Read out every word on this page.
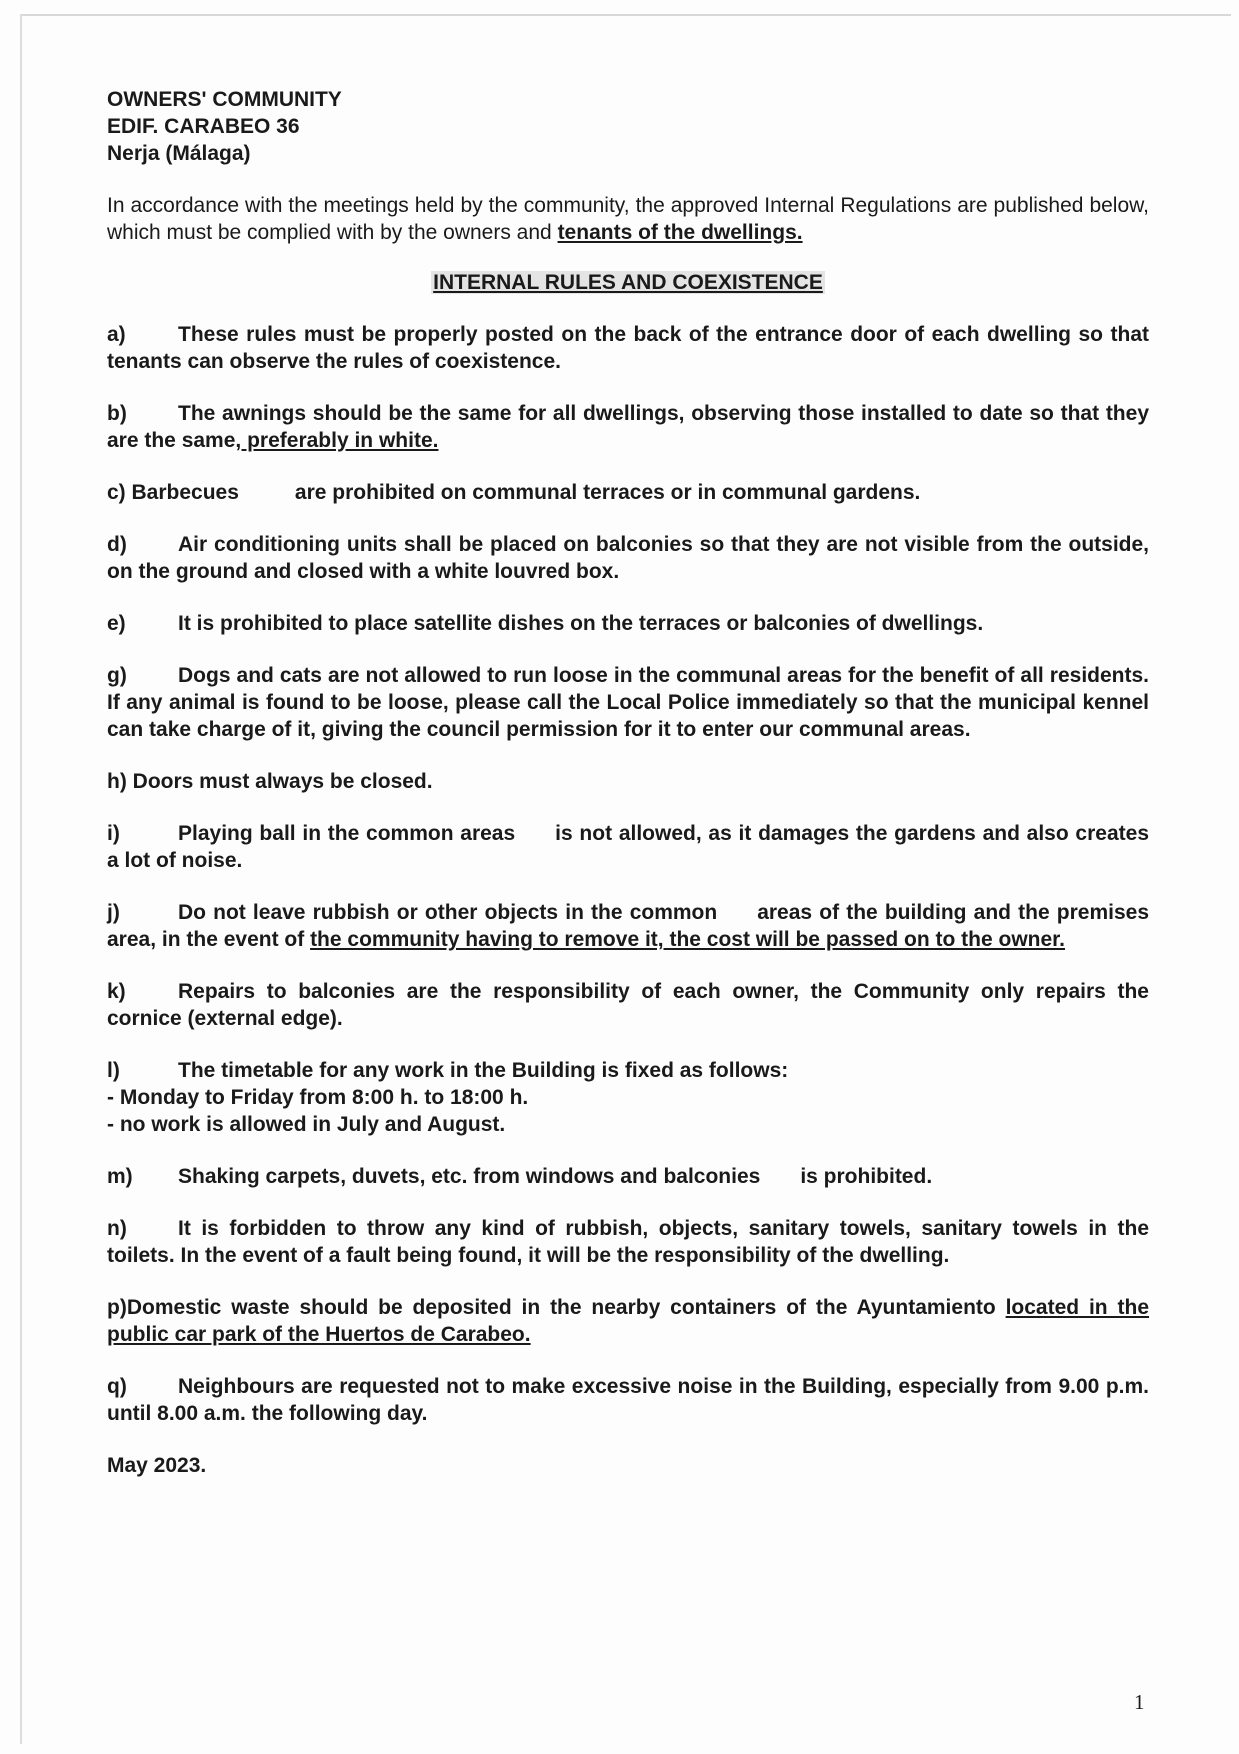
OWNERS' COMMUNITY

EDIF. CARABEO 36

Nerja (Málaga)

In accordance with the meetings held by the community, the approved Internal Regulations are published below, which must be complied with by the owners and tenants of the dwellings.

INTERNAL RULES AND COEXISTENCE

a) These rules must be properly posted on the back of the entrance door of each dwelling so that tenants can observe the rules of coexistence.

b) The awnings should be the same for all dwellings, observing those installed to date so that they are the same, preferably in white.

c) Barbecues	are prohibited on communal terraces or in communal gardens.

d) Air conditioning units shall be placed on balconies so that they are not visible from the outside, on the ground and closed with a white louvred box.

e) It is prohibited to place satellite dishes on the terraces or balconies of dwellings.

g) Dogs and cats are not allowed to run loose in the communal areas for the benefit of all residents. If any animal is found to be loose, please call the Local Police immediately so that the municipal kennel can take charge of it, giving the council permission for it to enter our communal areas.

h) Doors must always be closed.

i)	Playing ball in the common areas is not allowed, as it damages the gardens and also creates a lot of noise.

j)	Do not leave rubbish or other objects in the common areas of the building and the premises area, in the event of the community having to remove it, the cost will be passed on to the owner.

k) Repairs to balconies are the responsibility of each owner, the Community only repairs the cornice (external edge).

l)	The timetable for any work in the Building is fixed as follows:

- Monday to Friday from 8:00 h. to 18:00 h.

- no work is allowed in July and August.

m) Shaking carpets, duvets, etc. from windows and balconies is prohibited.

n) It is forbidden to throw any kind of rubbish, objects, sanitary towels, sanitary towels in the toilets. In the event of a fault being found, it will be the responsibility of the dwelling.

p)Domestic waste should be deposited in the nearby containers of the Ayuntamiento located in the public car park of the Huertos de Carabeo.

q) Neighbours are requested not to make excessive noise in the Building, especially from 9.00 p.m. until 8.00 a.m. the following day.

May 2023.

1
